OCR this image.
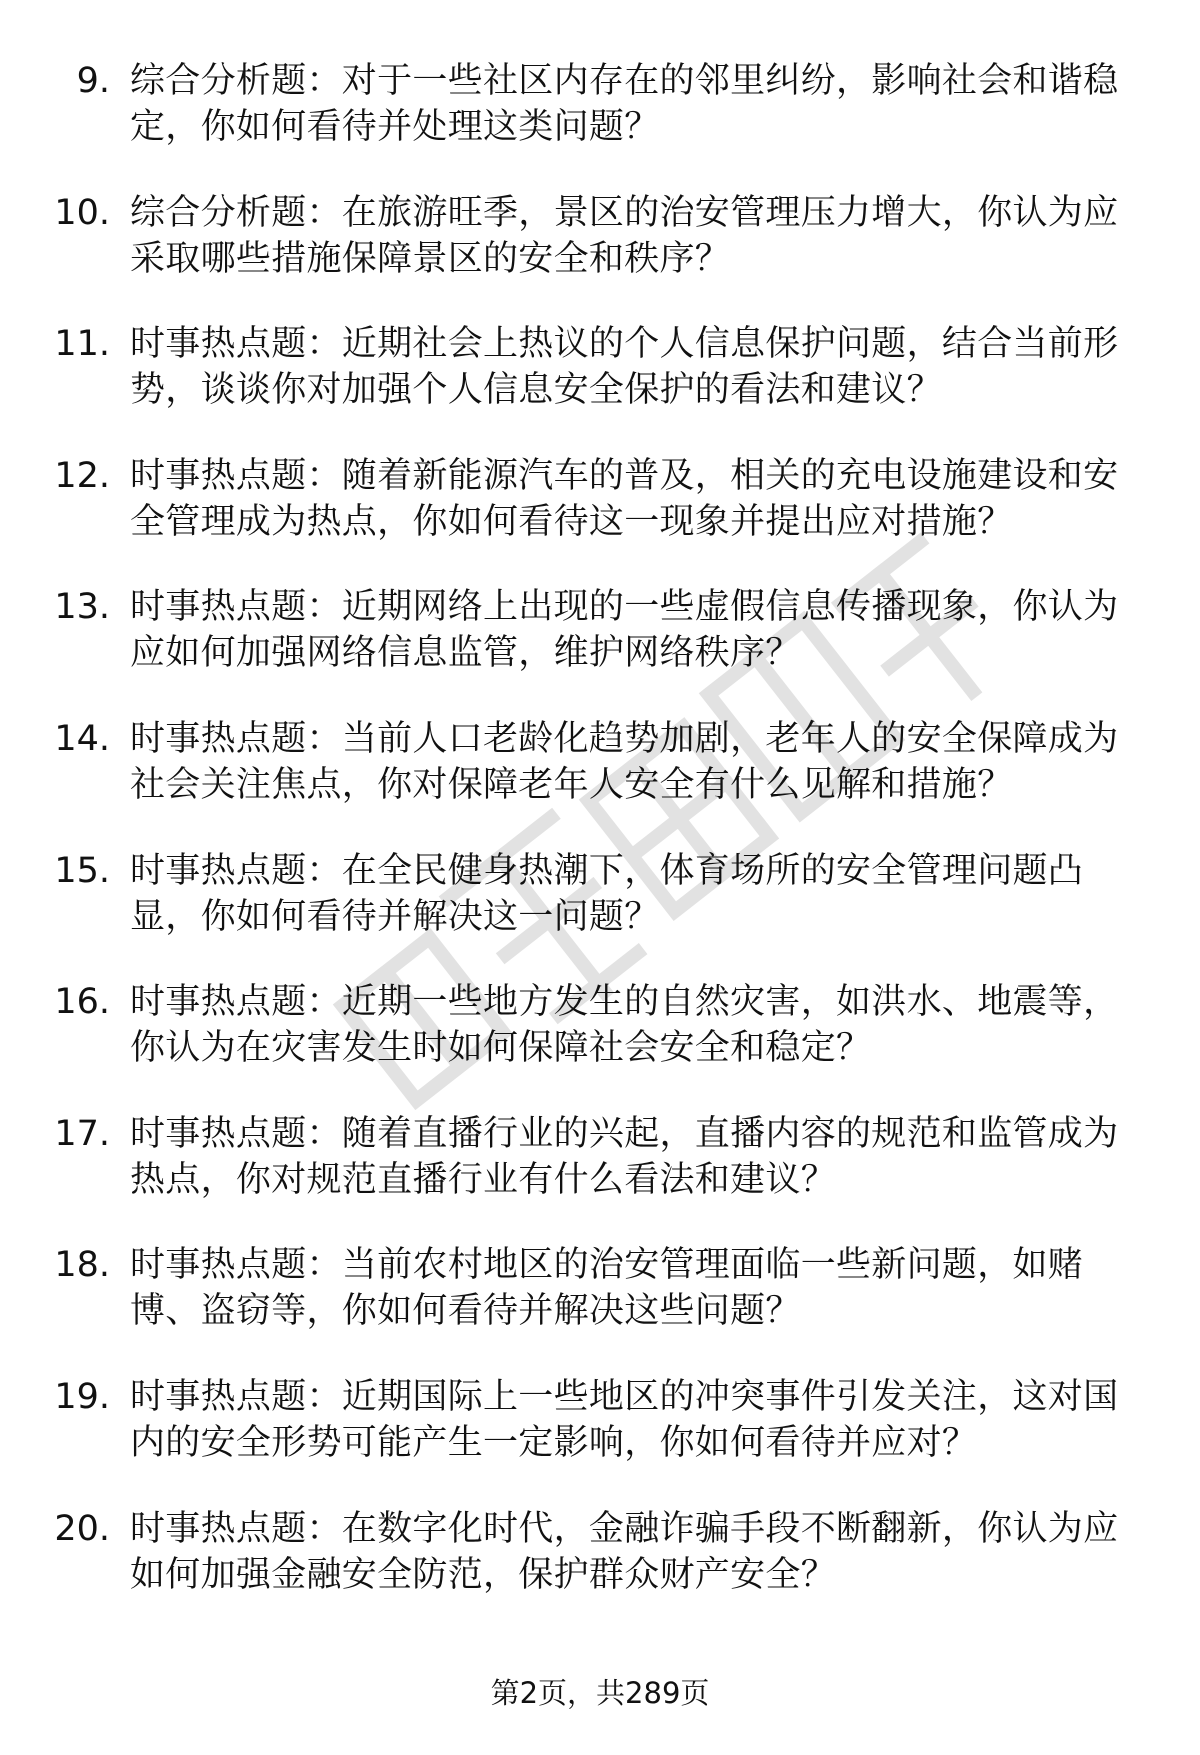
9. 综合分析题：对于一些社区内存在的邻里纠纷，影响社会和谐稳定，你如何看待并处理这类问题？
10. 综合分析题：在旅游旺季，景区的治安管理压力增大，你认为应采取哪些措施保障景区的安全和秩序？
11. 时事热点题：近期社会上热议的个人信息保护问题，结合当前形势，谈谈你对加强个人信息安全保护的看法和建议？
12. 时事热点题：随着新能源汽车的普及，相关的充电设施建设和安全管理成为热点，你如何看待这一现象并提出应对措施？
13. 时事热点题：近期网络上出现的一些虚假信息传播现象，你认为应如何加强网络信息监管，维护网络秩序？
14. 时事热点题：当前人口老龄化趋势加剧，老年人的安全保障成为社会关注焦点，你对保障老年人安全有什么见解和措施？
15. 时事热点题：在全民健身热潮下，体育场所的安全管理问题凸显，你如何看待并解决这一问题？
16. 时事热点题：近期一些地方发生的自然灾害，如洪水、地震等，你认为在灾害发生时如何保障社会安全和稳定？
17. 时事热点题：随着直播行业的兴起，直播内容的规范和监管成为热点，你对规范直播行业有什么看法和建议？
18. 时事热点题：当前农村地区的治安管理面临一些新问题，如赌博、盗窃等，你如何看待并解决这些问题？
19. 时事热点题：近期国际上一些地区的冲突事件引发关注，这对国内的安全形势可能产生一定影响，你如何看待并应对？
20. 时事热点题：在数字化时代，金融诈骗手段不断翻新，你认为应如何加强金融安全防范，保护群众财产安全？
第2页，共289页
